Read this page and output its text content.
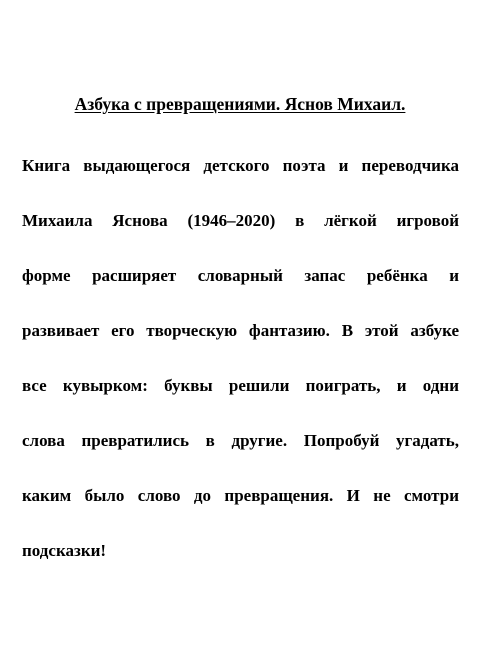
Азбука с превращениями. Яснов Михаил.

Книга выдающегося детского поэта и переводчика

Михаила Яснова (1946–2020) в лёгкой игровой

форме расширяет словарный запас ребёнка и

развивает его творческую фантазию. В этой азбуке

все кувырком: буквы решили поиграть, и одни

слова превратились в другие. Попробуй угадать,

каким было слово до превращения. И не смотри

подсказки!
